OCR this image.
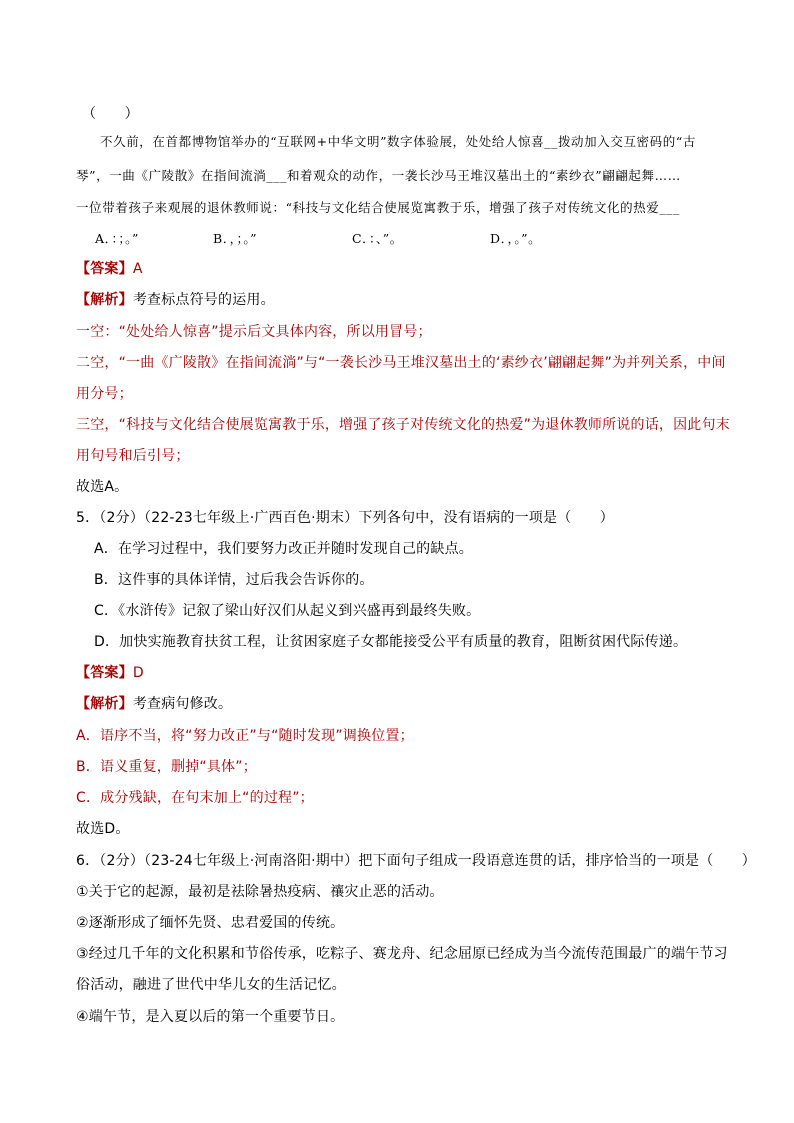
（　　）
不久前，在首都博物馆举办的“互联网+中华文明”数字体验展，处处给人惊喜__拨动加入交互密码的“古
琴”，一曲《广陵散》在指间流淌___和着观众的动作，一袭长沙马王堆汉墓出土的“素纱衣”翩翩起舞……
一位带着孩子来观展的退休教师说：“科技与文化结合使展览寓教于乐，增强了孩子对传统文化的热爱___
A．：；。”	B．，；。”	C．：、”。	D．，。”。
【答案】A
【解析】考查标点符号的运用。
一空：“处处给人惊喜”提示后文具体内容，所以用冒号；
二空，“一曲《广陵散》在指间流淌”与“一袭长沙马王堆汉墓出土的‘素纱衣’翩翩起舞”为并列关系，中间
用分号；
三空，“科技与文化结合使展览寓教于乐，增强了孩子对传统文化的热爱”为退休教师所说的话，因此句末
用句号和后引号；
故选A。
5．（2分）（22-23七年级上·广西百色·期末）下列各句中，没有语病的一项是（　　）
A．在学习过程中，我们要努力改正并随时发现自己的缺点。
B．这件事的具体详情，过后我会告诉你的。
C．《水浒传》记叙了梁山好汉们从起义到兴盛再到最终失败。
D．加快实施教育扶贫工程，让贫困家庭子女都能接受公平有质量的教育，阻断贫困代际传递。
【答案】D
【解析】考查病句修改。
A．语序不当，将“努力改正”与“随时发现”调换位置；
B．语义重复，删掉“具体”；
C．成分残缺，在句末加上“的过程”；
故选D。
6．（2分）（23-24七年级上·河南洛阳·期中）把下面句子组成一段语意连贯的话，排序恰当的一项是（　　）
①关于它的起源，最初是祛除暑热疫病、禳灾止恶的活动。
②逐渐形成了缅怀先贤、忠君爱国的传统。
③经过几千年的文化积累和节俗传承，吃粽子、赛龙舟、纪念屈原已经成为当今流传范围最广的端午节习
俗活动，融进了世代中华儿女的生活记忆。
④端午节，是入夏以后的第一个重要节日。
